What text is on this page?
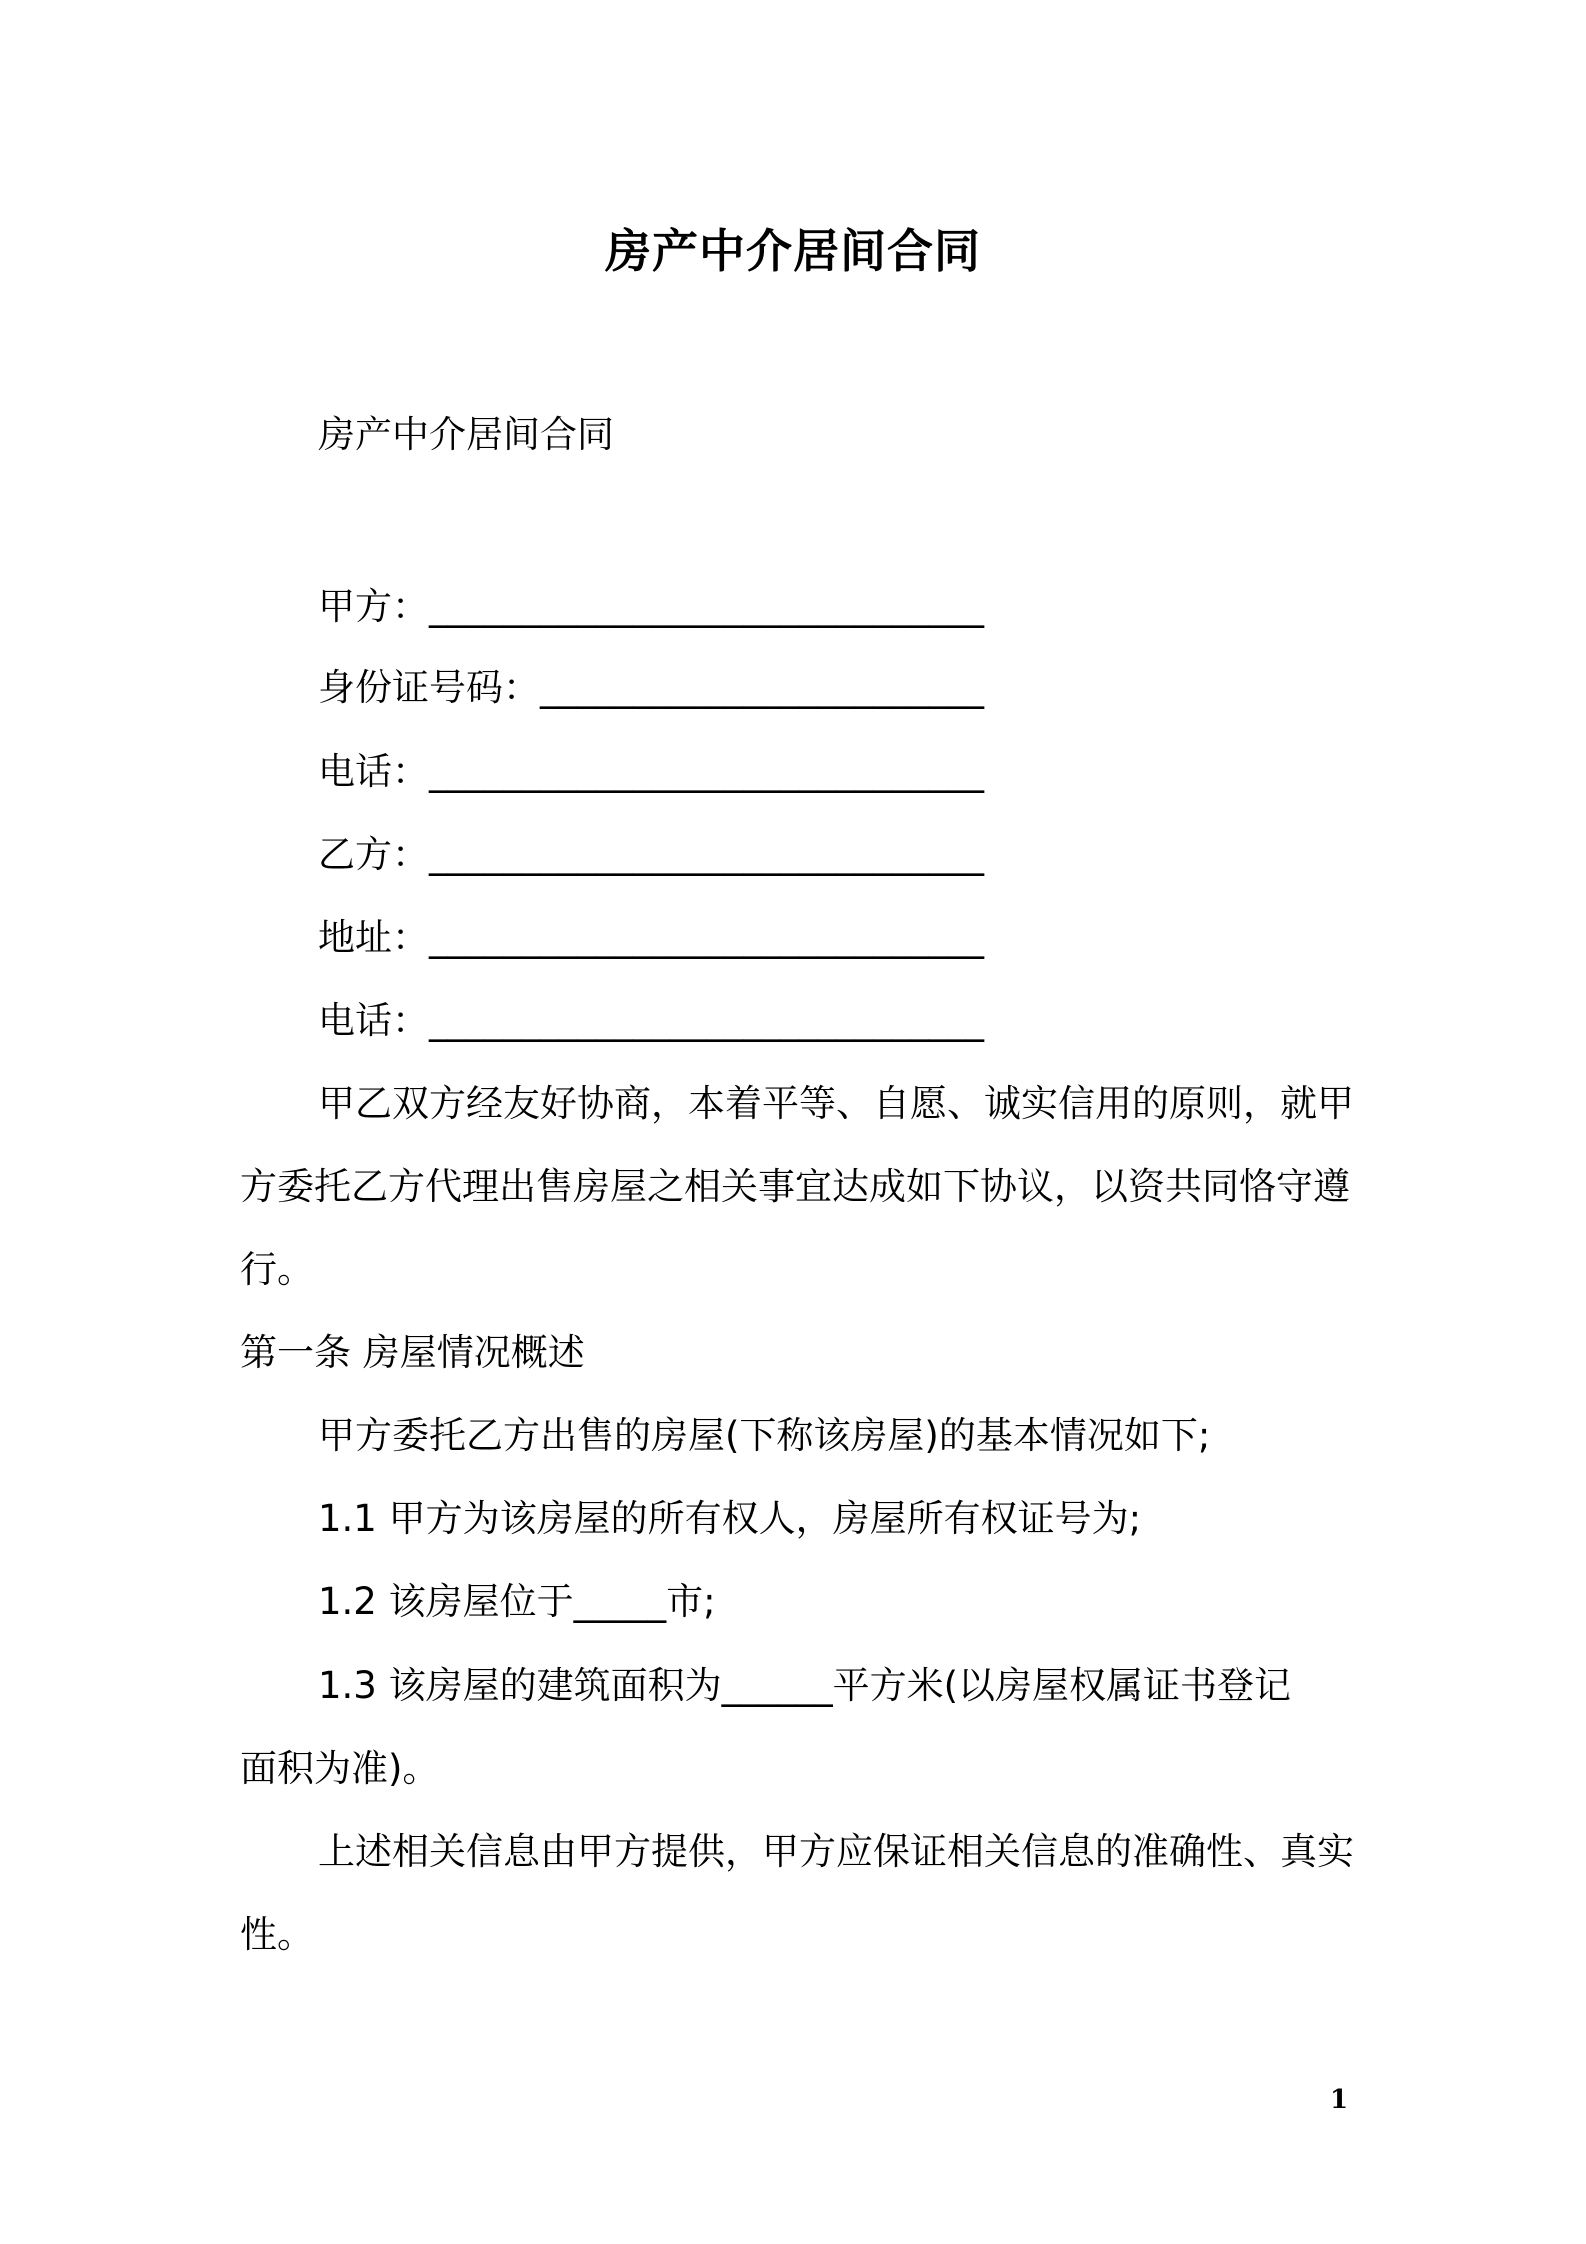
房产中介居间合同
房产中介居间合同
甲方：______________________________
身份证号码：________________________
电话：______________________________
乙方：______________________________
地址：______________________________
电话：______________________________
甲乙双方经友好协商，本着平等、自愿、诚实信用的原则，就甲
方委托乙方代理出售房屋之相关事宜达成如下协议，以资共同恪守遵
行。
第一条 房屋情况概述
甲方委托乙方出售的房屋(下称该房屋)的基本情况如下;
1.1 甲方为该房屋的所有权人，房屋所有权证号为;
1.2 该房屋位于_____市;
1.3 该房屋的建筑面积为______平方米(以房屋权属证书登记
面积为准)。
上述相关信息由甲方提供，甲方应保证相关信息的准确性、真实
性。
1
